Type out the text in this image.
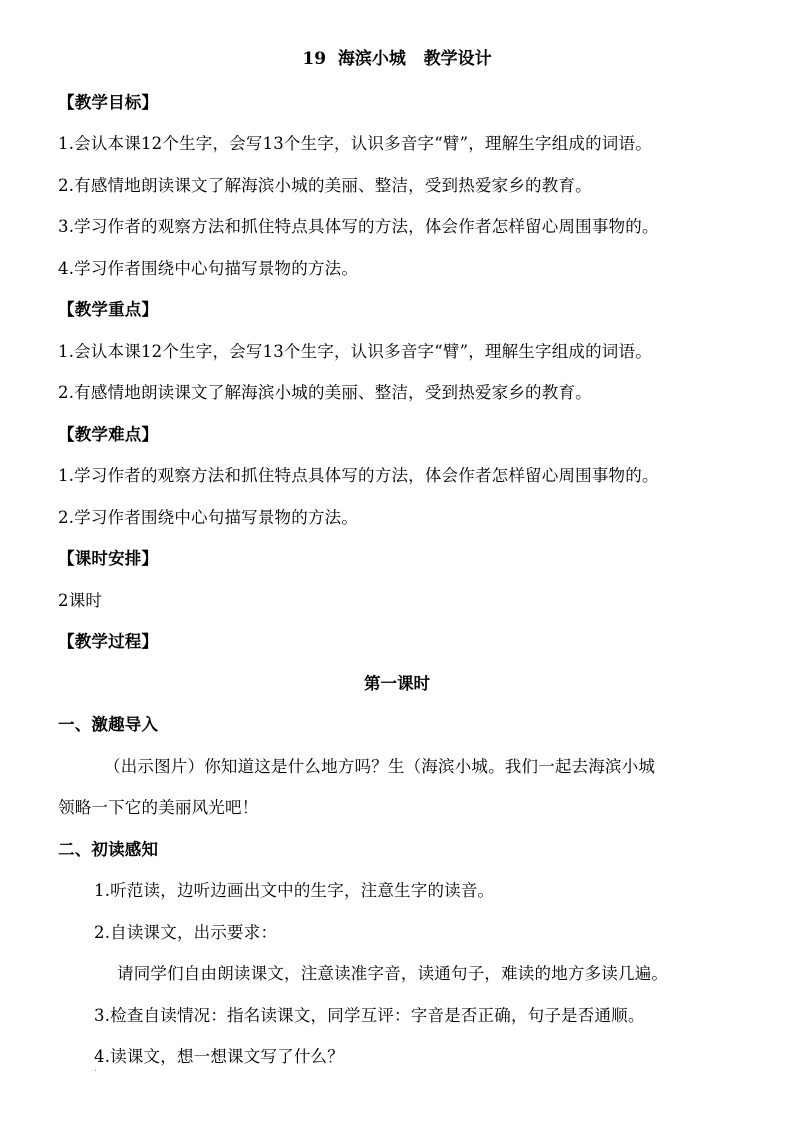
19  海滨小城   教学设计
【教学目标】
1.会认本课12个生字，会写13个生字，认识多音字“臂”，理解生字组成的词语。
2.有感情地朗读课文了解海滨小城的美丽、整洁，受到热爱家乡的教育。
3.学习作者的观察方法和抓住特点具体写的方法，体会作者怎样留心周围事物的。
4.学习作者围绕中心句描写景物的方法。
【教学重点】
1.会认本课12个生字，会写13个生字，认识多音字“臂”，理解生字组成的词语。
2.有感情地朗读课文了解海滨小城的美丽、整洁，受到热爱家乡的教育。
【教学难点】
1.学习作者的观察方法和抓住特点具体写的方法，体会作者怎样留心周围事物的。
2.学习作者围绕中心句描写景物的方法。
【课时安排】
2课时
【教学过程】
第一课时
一、激趣导入
（出示图片）你知道这是什么地方吗？生（海滨小城。我们一起去海滨小城
领略一下它的美丽风光吧！
二、初读感知
1.听范读，边听边画出文中的生字，注意生字的读音。
2.自读课文，出示要求：
请同学们自由朗读课文，注意读准字音，读通句子，难读的地方多读几遍。
3.检查自读情况：指名读课文，同学互评：字音是否正确，句子是否通顺。
4.读课文，想一想课文写了什么？
.
